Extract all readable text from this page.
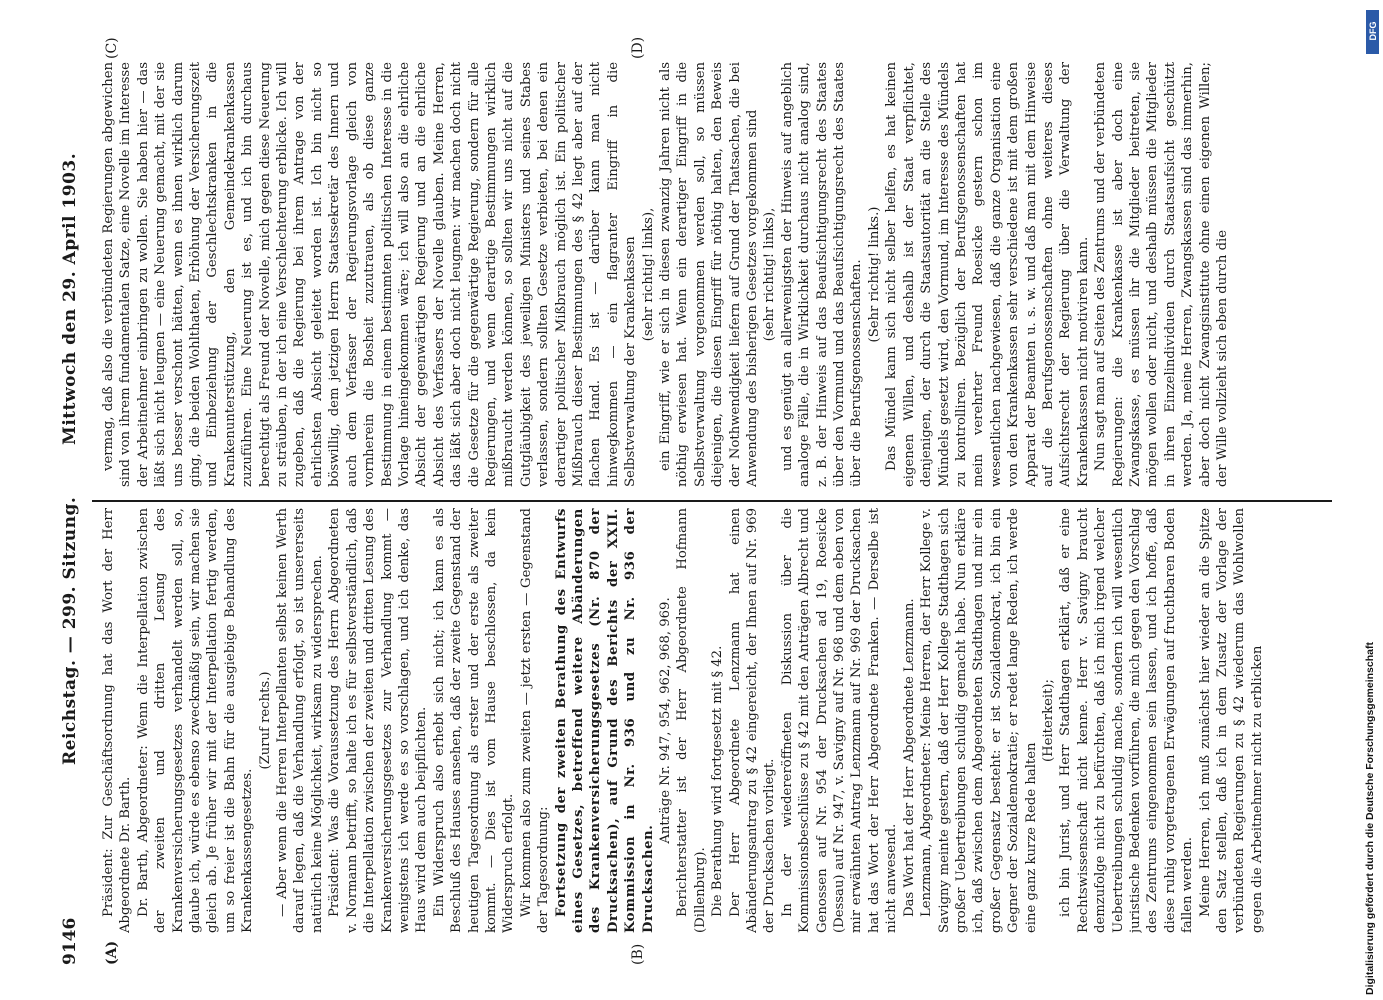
9146
Reichstag. — 299. Sitzung.
Mittwoch den 29. April 1903.
(A)	(B)
(C)	(D)

Präsident: Zur Geschäftsordnung hat das Wort der Herr Abgeordnete Dr. Barth. Dr. Barth, Abgeordneter: Wenn die Interpellation zwischen der zweiten und dritten Lesung des Krankenversicherungsgesetzes verhandelt werden soll, so, glaube ich, würde es ebenso zweckmäßig sein, wir machen sie gleich ab. Je früher wir mit der Interpellation fertig werden, um so freier ist die Bahn für die ausgiebige Behandlung des Krankenkassengesetzes.

(Zuruf rechts.) — Aber wenn die Herren Interpellanten selbst keinen Werth darauf legen, daß die Verhandlung erfolgt, so ist unsererseits natürlich keine Möglichkeit, wirksam zu widersprechen. Präsident: Was die Voraussetzung des Herrn Abgeordneten v. Normann betrifft, so halte ich es für selbstverständlich, daß die Interpellation zwischen der zweiten und dritten Lesung des Krankenversicherungsgesetzes zur Verhandlung kommt — wenigstens ich werde es so vorschlagen, und ich denke, das Haus wird dem auch beipflichten. Ein Widerspruch also erhebt sich nicht; ich kann es als Beschluß des Hauses ansehen, daß der zweite Gegenstand der heutigen Tagesordnung als erster und der erste als zweiter kommt. — Dies ist vom Hause beschlossen, da kein Widerspruch erfolgt. Wir kommen also zum zweiten — jetzt ersten — Gegenstand der Tagesordnung: Fortsetzung der zweiten Berathung des Entwurfs eines Gesetzes, betreffend weitere Abänderungen des Krankenversicherungsgesetzes (Nr. 870 der Drucksachen), auf Grund des Berichts der XXII. Kommission in Nr. 936 und zu Nr. 936 der Drucksachen.

Anträge Nr. 947, 954, 962, 968, 969. Berichterstatter ist der Herr Abgeordnete Hofmann (Dillenburg). Die Berathung wird fortgesetzt mit § 42. Der Herr Abgeordnete Lenzmann hat einen Abänderungsantrag zu § 42 eingereicht, der Ihnen auf Nr. 969 der Drucksachen vorliegt. In der wiedereröffneten Diskussion über die Kommissionsbeschlüsse zu § 42 mit den Anträgen Albrecht und Genossen auf Nr. 954 der Drucksachen ad 19, Roesicke (Dessau) auf Nr. 947, v. Savigny auf Nr. 968 und dem eben von mir erwähnten Antrag Lenzmann auf Nr. 969 der Drucksachen hat das Wort der Herr Abgeordnete Franken. — Derselbe ist nicht anwesend. Das Wort hat der Herr Abgeordnete Lenzmann. Lenzmann, Abgeordneter: Meine Herren, der Herr Kollege v. Savigny meinte gestern, daß der Herr Kollege Stadthagen sich großer Uebertreibungen schuldig gemacht habe. Nun erkläre ich, daß zwischen dem Abgeordneten Stadthagen und mir ein großer Gegensatz besteht: er ist Sozialdemokrat, ich bin ein Gegner der Sozialdemokratie; er redet lange Reden, ich werde eine ganz kurze Rede halten

(Heiterkeit); ich bin Jurist, und Herr Stadthagen erklärt, daß er eine Rechtswissenschaft nicht kenne. Herr v. Savigny braucht demzufolge nicht zu befürchten, daß ich mich irgend welcher Uebertreibungen schuldig mache, sondern ich will wesentlich juristische Bedenken vorführen, die mich gegen den Vorschlag des Zentrums eingenommen sein lassen, und ich hoffe, daß diese ruhig vorgetragenen Erwägungen auf fruchtbaren Boden fallen werden. Meine Herren, ich muß zunächst hier wieder an die Spitze den Satz stellen, daß ich in dem Zusatz der Vorlage der verbündeten Regierungen zu § 42 wiederum das Wohlwollen gegen die Arbeitnehmer nicht zu erblicken

vermag, daß also die verbündeten Regierungen abgewichen sind von ihrem fundamentalen Satze, eine Novelle im Interesse der Arbeitnehmer einbringen zu wollen. Sie haben hier — das läßt sich nicht leugnen — eine Neuerung gemacht, mit der sie uns besser verschont hätten, wenn es ihnen wirklich darum ging, die beiden Wohlthaten, Erhöhung der Versicherungszeit und Einbeziehung der Geschlechtskranken in die Krankenunterstützung, den Gemeindekrankenkassen zuzuführen. Eine Neuerung ist es, und ich bin durchaus berechtigt als Freund der Novelle, mich gegen diese Neuerung zu sträuben, in der ich eine Verschlechterung erblicke. Ich will zugeben, daß die Regierung bei ihrem Antrage von der ehrlichsten Absicht geleitet worden ist. Ich bin nicht so böswillig, dem jetzigen Herrn Staatssekretär des Innern und auch dem Verfasser der Regierungsvorlage gleich von vornherein die Bosheit zuzutrauen, als ob diese ganze Bestimmung in einem bestimmten politischen Interesse in die Vorlage hineingekommen wäre; ich will also an die ehrliche Absicht der gegenwärtigen Regierung und an die ehrliche Absicht des Verfassers der Novelle glauben. Meine Herren, das läßt sich aber doch nicht leugnen: wir machen doch nicht die Gesetze für die gegenwärtige Regierung, sondern für alle Regierungen, und wenn derartige Bestimmungen wirklich mißbraucht werden können, so sollten wir uns nicht auf die Gutgläubigkeit des jeweiligen Ministers und seines Stabes verlassen, sondern sollten Gesetze verbieten, bei denen ein derartiger politischer Mißbrauch möglich ist. Ein politischer Mißbrauch dieser Bestimmungen des § 42 liegt aber auf der flachen Hand. Es ist — darüber kann man nicht hinwegkommen — ein flagranter Eingriff in die Selbstverwaltung der Krankenkassen (sehr richtig! links), ein Eingriff, wie er sich in diesen zwanzig Jahren nicht als nöthig erwiesen hat. Wenn ein derartiger Eingriff in die Selbstverwaltung vorgenommen werden soll, so müssen diejenigen, die diesen Eingriff für nöthig halten, den Beweis der Nothwendigkeit liefern auf Grund der Thatsachen, die bei Anwendung des bisherigen Gesetzes vorgekommen sind (sehr richtig! links), und es genügt an allerwenigsten der Hinweis auf angeblich analoge Fälle, die in Wirklichkeit durchaus nicht analog sind, z. B. der Hinweis auf das Beaufsichtigungsrecht des Staates über den Vormund und das Beaufsichtigungsrecht des Staates über die Berufsgenossenschaften. (Sehr richtig! links.) Das Mündel kann sich nicht selber helfen, es hat keinen eigenen Willen, und deshalb ist der Staat verpflichtet, denjenigen, der durch die Staatsautorität an die Stelle des Mündels gesetzt wird, den Vormund, im Interesse des Mündels zu kontrolliren. Bezüglich der Berufsgenossenschaften hat mein verehrter Freund Roesicke gestern schon im wesentlichen nachgewiesen, daß die ganze Organisation eine von den Krankenkassen sehr verschiedene ist mit dem großen Apparat der Beamten u. s. w. und daß man mit dem Hinweise auf die Berufsgenossenschaften ohne weiteres dieses Aufsichtsrecht der Regierung über die Verwaltung der Krankenkassen nicht motiviren kann. Nun sagt man auf Seiten des Zentrums und der verbündeten Regierungen: die Krankenkasse ist aber doch eine Zwangskasse, es müssen ihr die Mitglieder beitreten, sie mögen wollen oder nicht, und deshalb müssen die Mitglieder in ihren Einzelindividuen durch Staatsaufsicht geschützt werden. Ja, meine Herren, Zwangskassen sind das immerhin, aber doch nicht Zwangsinstitute ohne einen eigenen Willen; der Wille vollzieht sich eben durch die

Digitalisierung gefördert durch die Deutsche Forschungsgemeinschaft
DFG
